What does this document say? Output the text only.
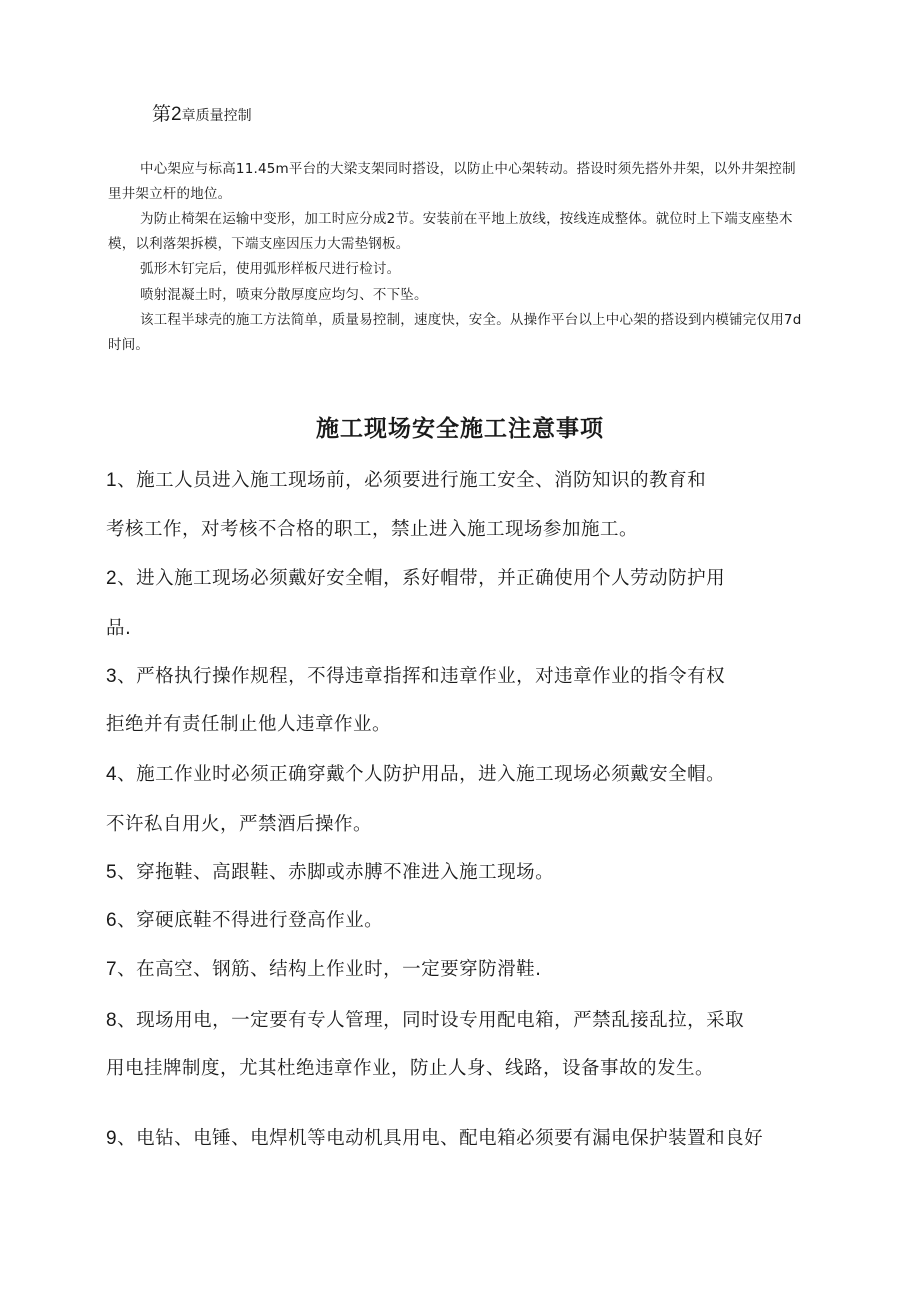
第2章质量控制

中心架应与标高11.45m平台的大梁支架同时搭设，以防止中心架转动。搭设时须先搭外井架，以外井架控制里井架立杆的地位。

为防止椅架在运输中变形，加工时应分成2节。安装前在平地上放线，按线连成整体。就位时上下端支座垫木模，以利落架拆模，下端支座因压力大需垫钢板。

弧形木钉完后，使用弧形样板尺进行检讨。

喷射混凝土时，喷束分散厚度应均匀、不下坠。

该工程半球壳的施工方法简单，质量易控制，速度快，安全。从操作平台以上中心架的搭设到内模铺完仅用7d时间。

施工现场安全施工注意事项

1、施工人员进入施工现场前，必须要进行施工安全、消防知识的教育和

考核工作，对考核不合格的职工，禁止进入施工现场参加施工。

2、进入施工现场必须戴好安全帽，系好帽带，并正确使用个人劳动防护用

品.

3、严格执行操作规程，不得违章指挥和违章作业，对违章作业的指令有权

拒绝并有责任制止他人违章作业。

4、施工作业时必须正确穿戴个人防护用品，进入施工现场必须戴安全帽。

不许私自用火，严禁酒后操作。

5、穿拖鞋、高跟鞋、赤脚或赤膊不准进入施工现场。

6、穿硬底鞋不得进行登高作业。

7、在高空、钢筋、结构上作业时，一定要穿防滑鞋.

8、现场用电，一定要有专人管理，同时设专用配电箱，严禁乱接乱拉，采取

用电挂牌制度，尤其杜绝违章作业，防止人身、线路，设备事故的发生。

9、电钻、电锤、电焊机等电动机具用电、配电箱必须要有漏电保护装置和良好
